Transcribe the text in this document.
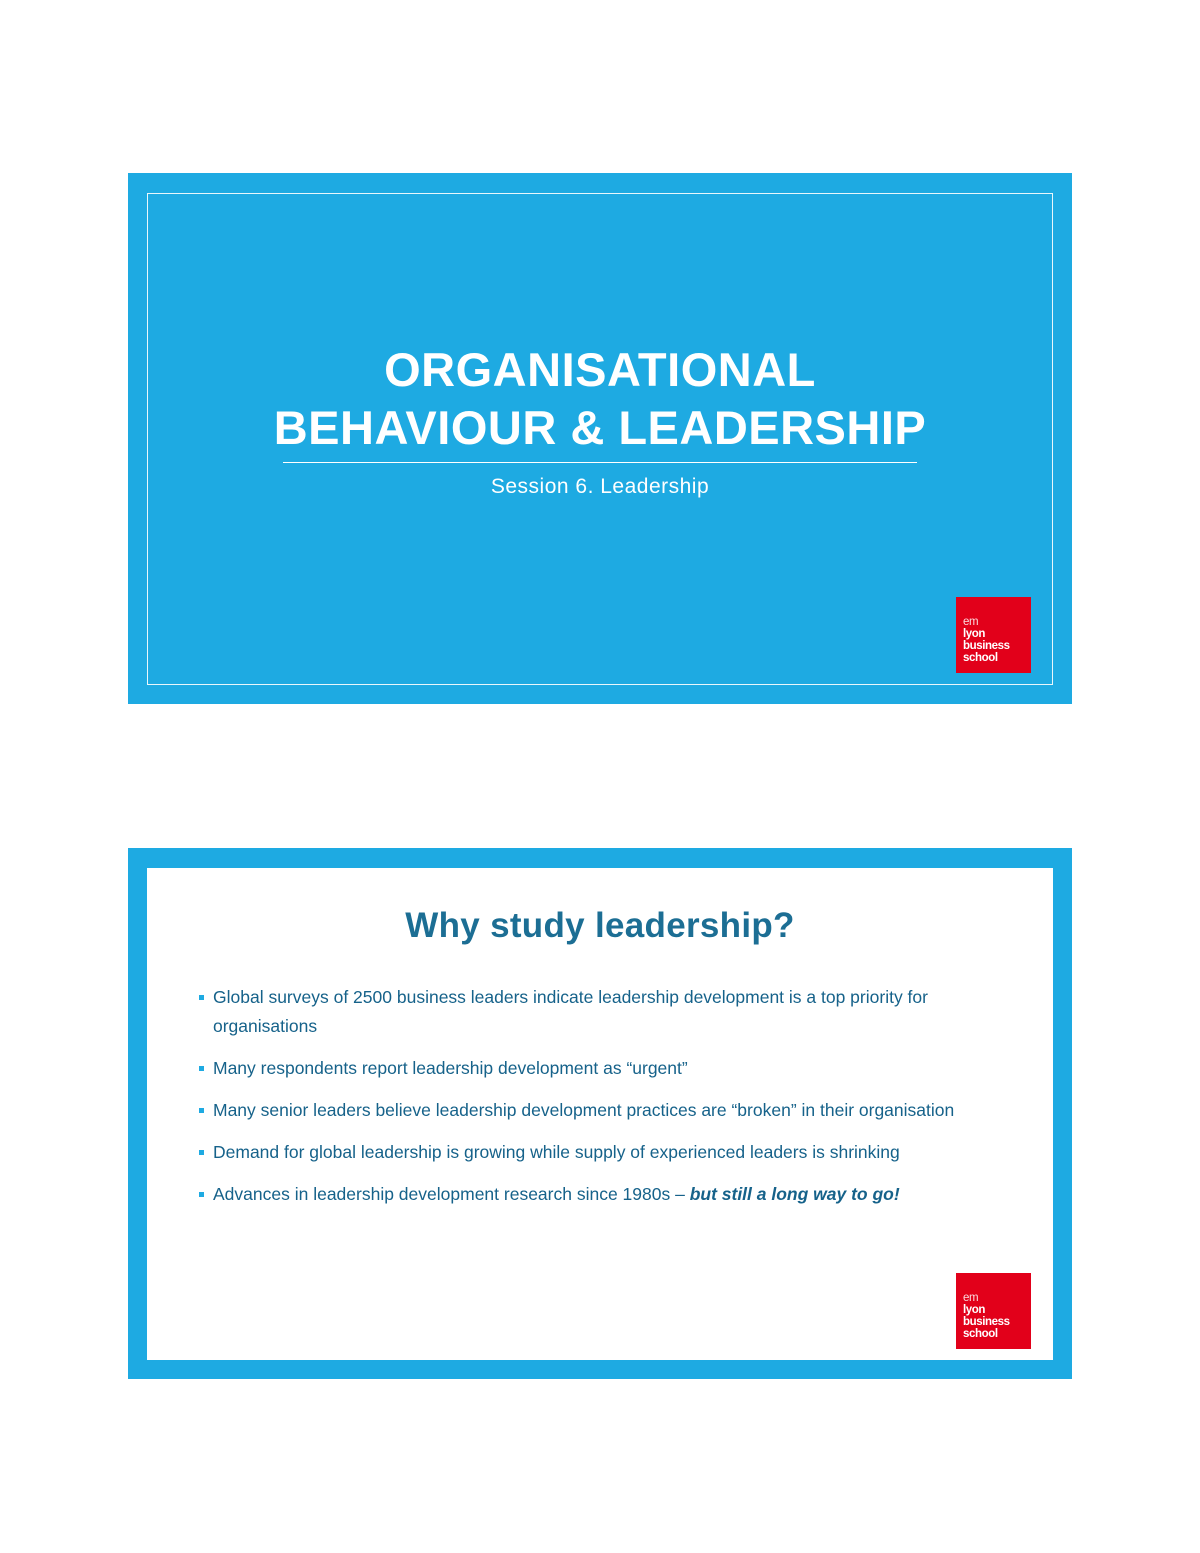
ORGANISATIONAL
BEHAVIOUR & LEADERSHIP
Session 6. Leadership
em
lyon
business
school
Why study leadership?
Global surveys of 2500 business leaders indicate leadership development is a top priority for organisations
Many respondents report leadership development as “urgent”
Many senior leaders believe leadership development practices are “broken” in their organisation
Demand for global leadership is growing while supply of experienced leaders is shrinking
Advances in leadership development research since 1980s – but still a long way to go!
em
lyon
business
school
